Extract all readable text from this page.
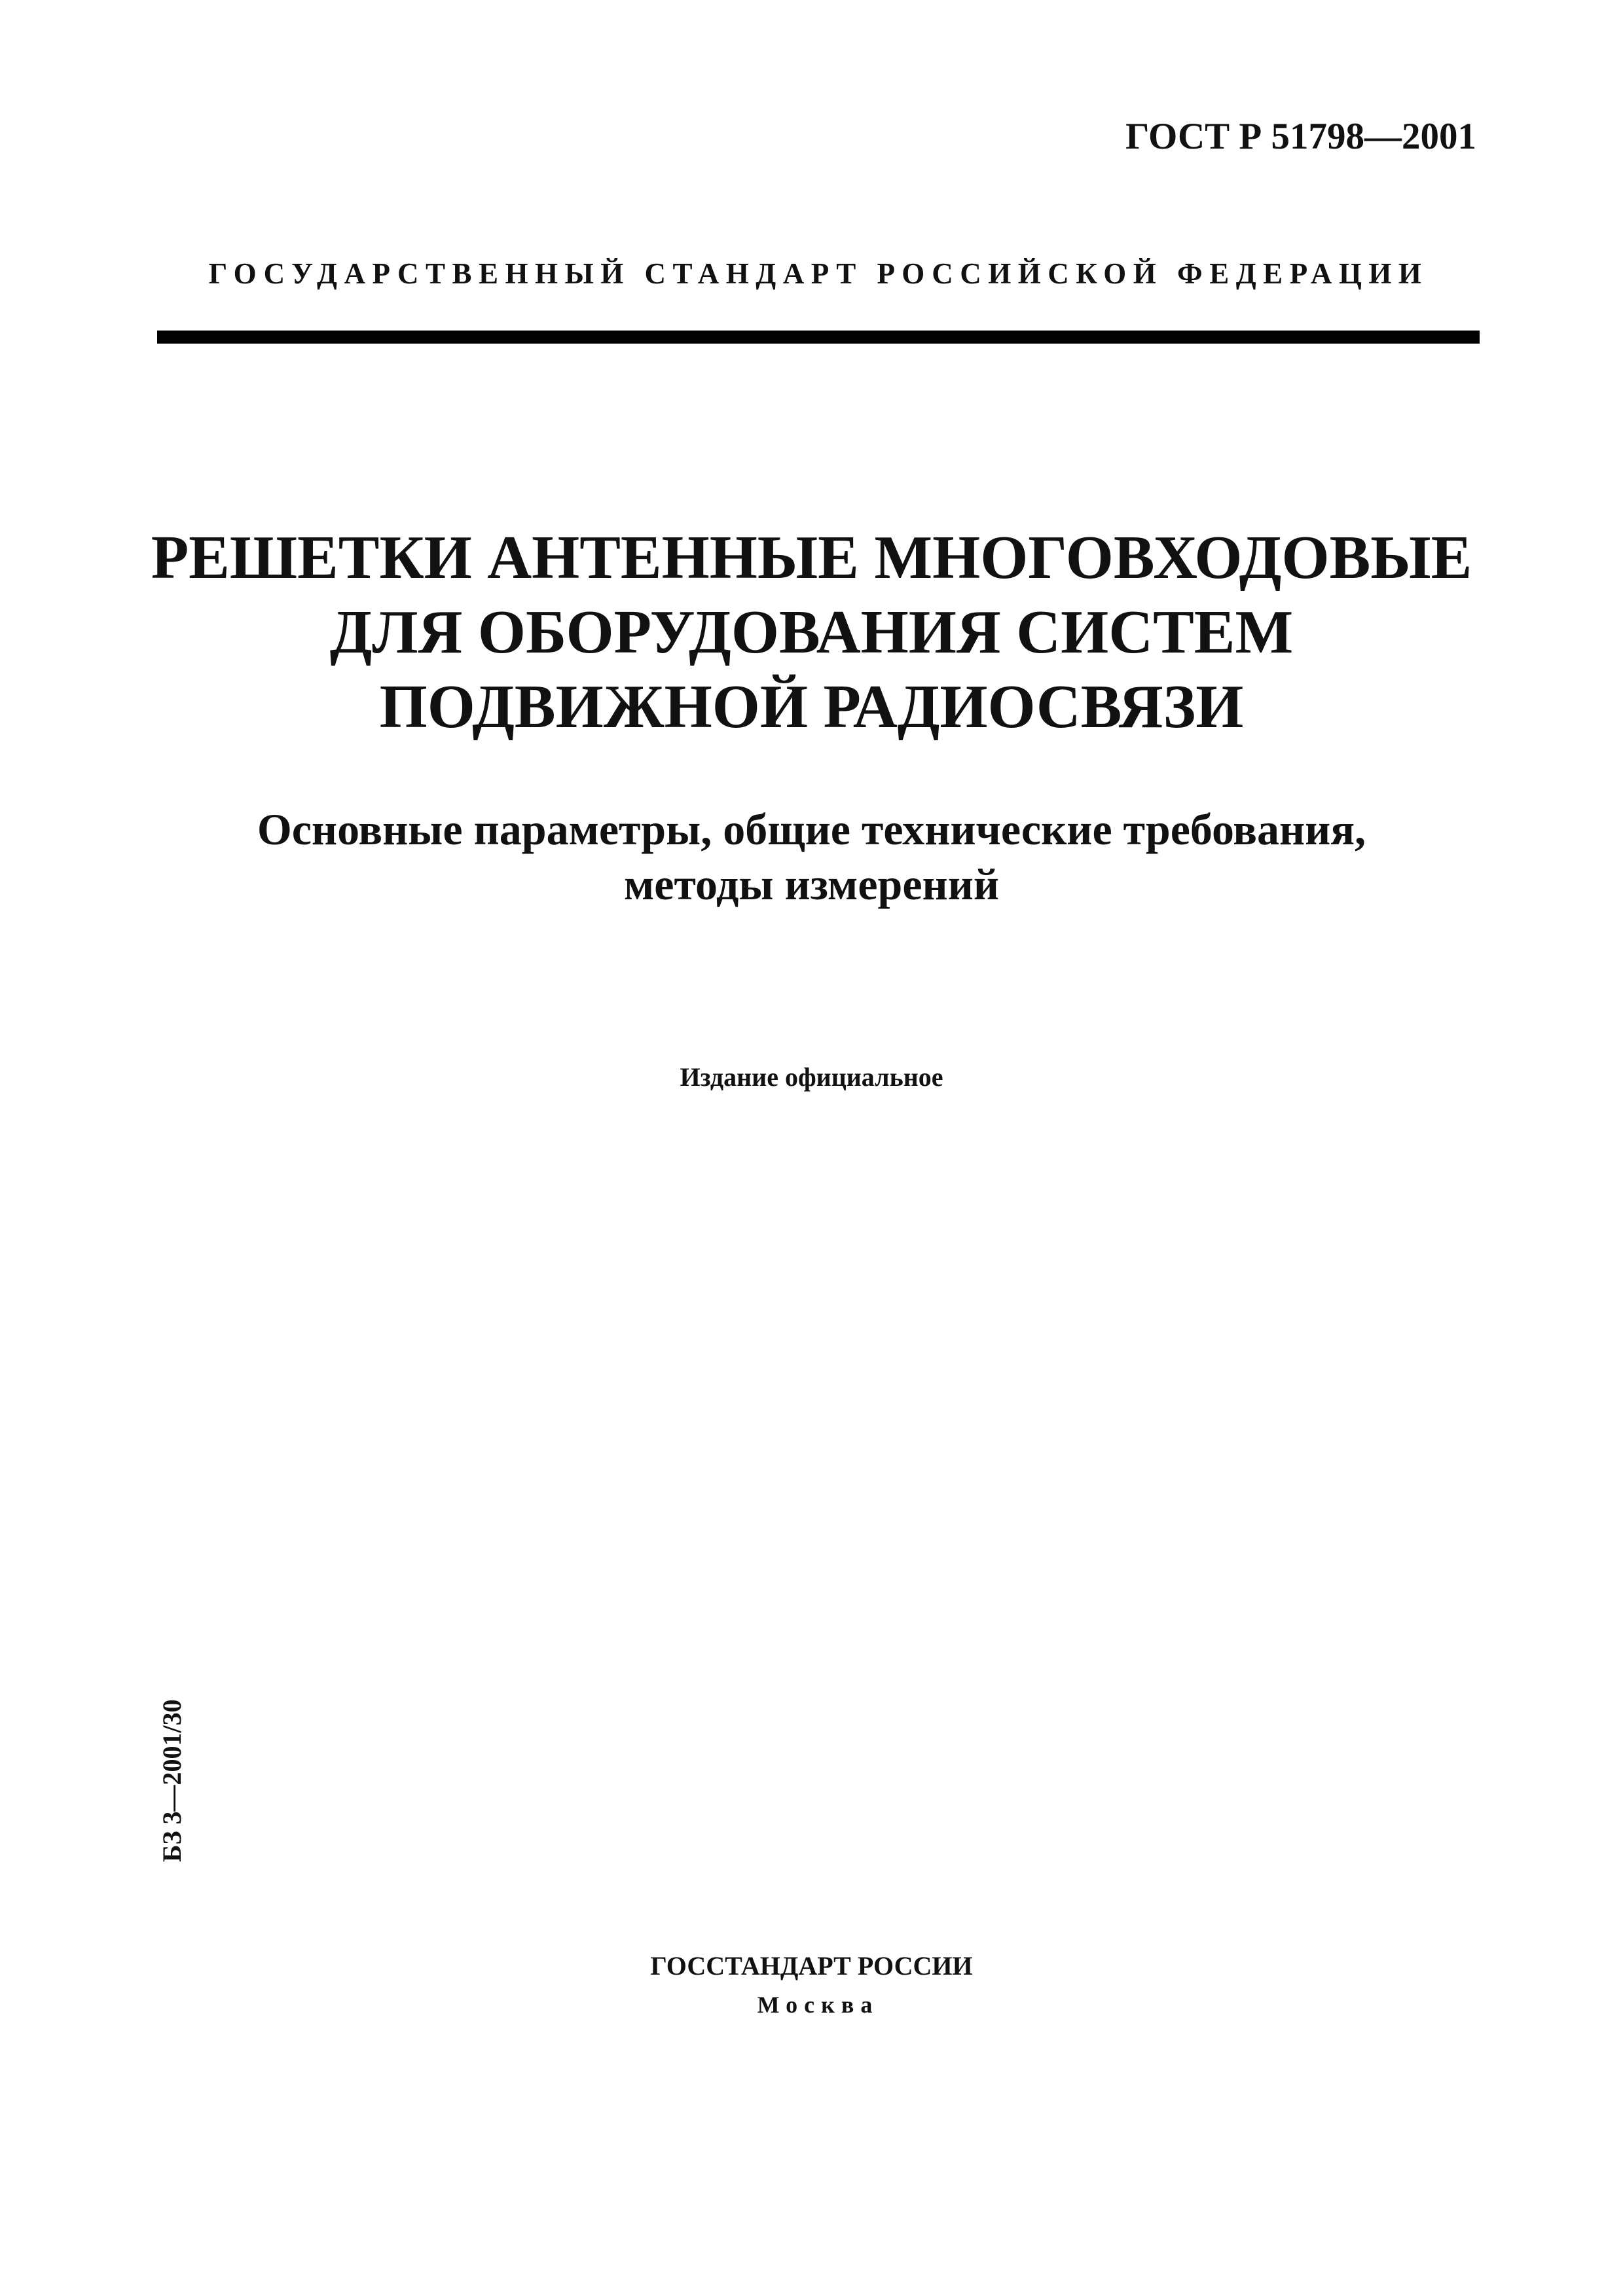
ГОСТ Р 51798—2001
ГОСУДАРСТВЕННЫЙ СТАНДАРТ РОССИЙСКОЙ ФЕДЕРАЦИИ
РЕШЕТКИ АНТЕННЫЕ МНОГОВХОДОВЫЕ
ДЛЯ ОБОРУДОВАНИЯ СИСТЕМ
ПОДВИЖНОЙ РАДИОСВЯЗИ
Основные параметры, общие технические требования,
методы измерений
Издание официальное
БЗ 3—2001/30
ГОССТАНДАРТ РОССИИ
Москва
